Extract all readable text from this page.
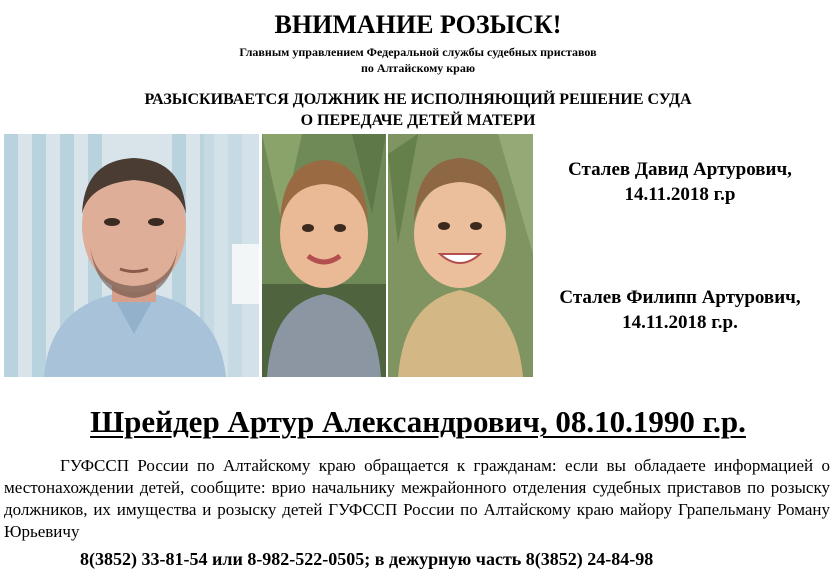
ВНИМАНИЕ РОЗЫСК!
Главным управлением Федеральной службы судебных приставов
по Алтайскому краю
РАЗЫСКИВАЕТСЯ ДОЛЖНИК НЕ ИСПОЛНЯЮЩИЙ РЕШЕНИЕ СУДА
О ПЕРЕДАЧЕ ДЕТЕЙ МАТЕРИ
Сталев Давид Артурович,
14.11.2018 г.р
Сталев Филипп Артурович,
14.11.2018 г.р.
Шрейдер Артур Александрович, 08.10.1990 г.р.
ГУФССП России по Алтайскому краю обращается к гражданам: если вы обладаете информацией о местонахождении детей, сообщите: врио начальнику межрайонного отделения судебных приставов по розыску должников, их имущества и розыску детей ГУФССП России по Алтайскому краю майору Грапельману Роману Юрьевичу
8(3852) 33-81-54 или 8-982-522-0505; в дежурную часть 8(3852) 24-84-98
